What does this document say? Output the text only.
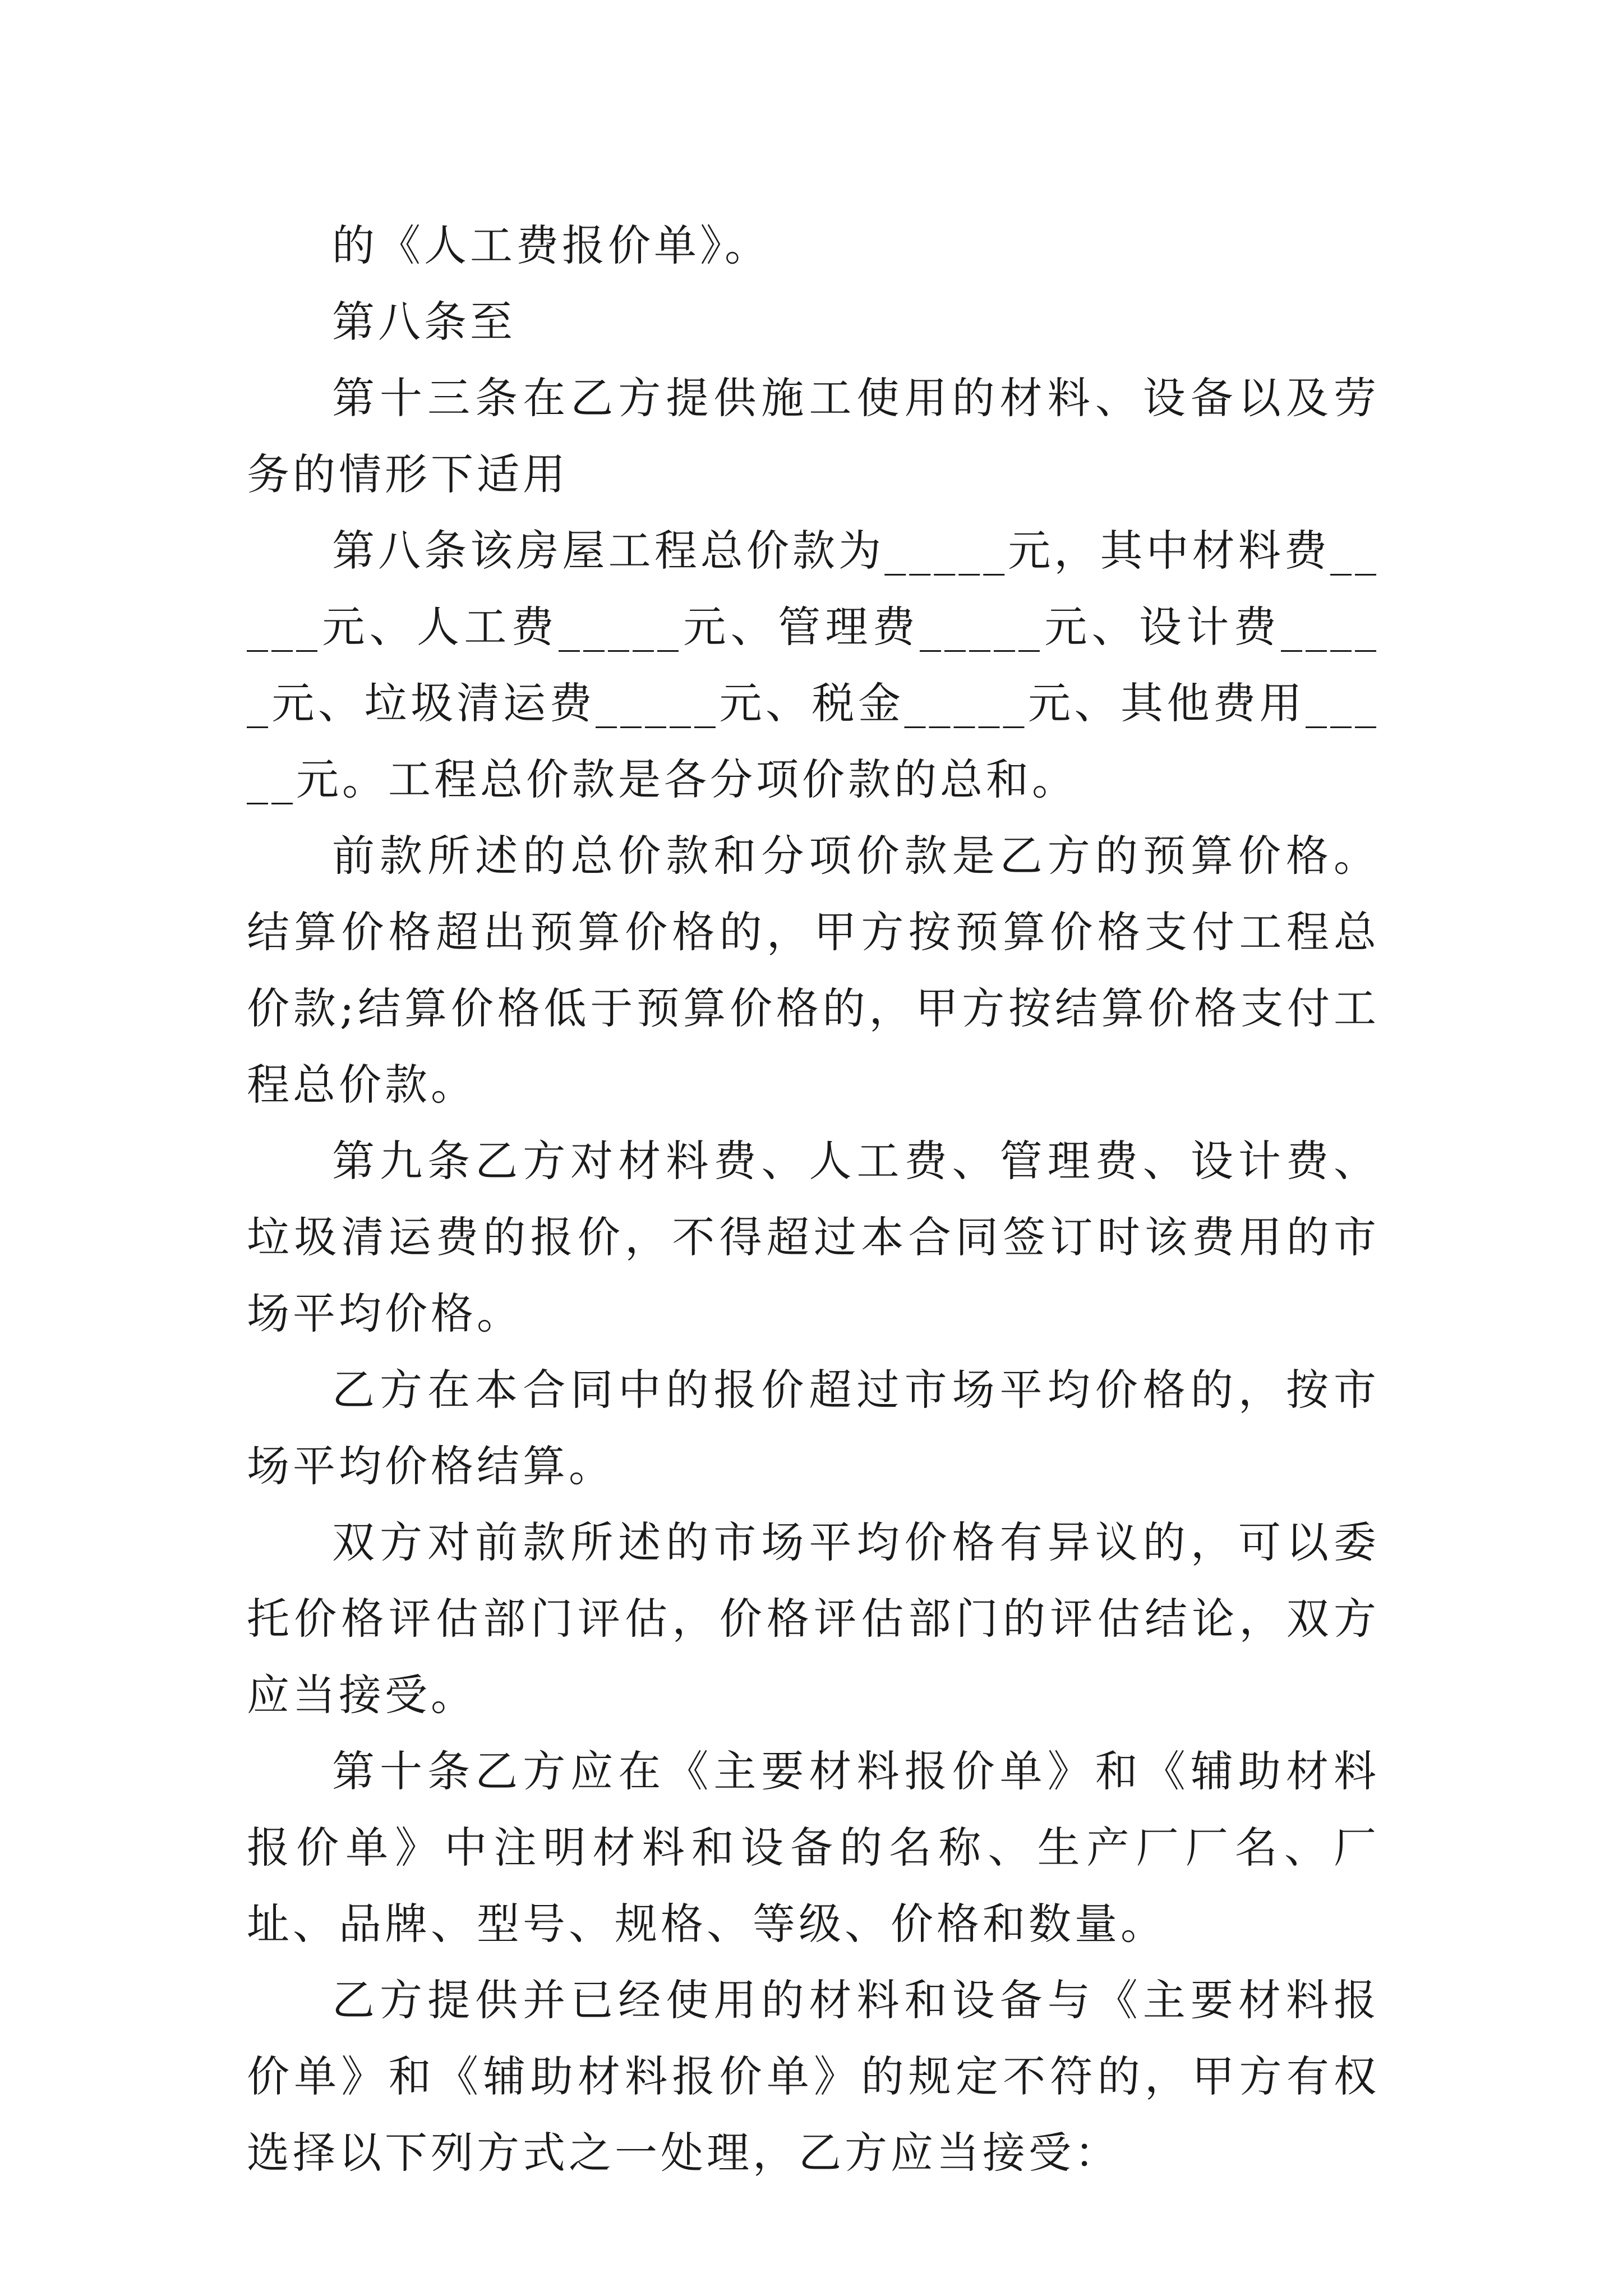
的《人工费报价单》。

第八条至

第十三条在乙方提供施工使用的材料、设备以及劳务的情形下适用

第八条该房屋工程总价款为_____元，其中材料费_____元、人工费_____元、管理费_____元、设计费_____元、垃圾清运费_____元、税金_____元、其他费用_____元。工程总价款是各分项价款的总和。

前款所述的总价款和分项价款是乙方的预算价格。结算价格超出预算价格的，甲方按预算价格支付工程总价款;结算价格低于预算价格的，甲方按结算价格支付工程总价款。

第九条乙方对材料费、人工费、管理费、设计费、垃圾清运费的报价，不得超过本合同签订时该费用的市场平均价格。

乙方在本合同中的报价超过市场平均价格的，按市场平均价格结算。

双方对前款所述的市场平均价格有异议的，可以委托价格评估部门评估，价格评估部门的评估结论，双方应当接受。

第十条乙方应在《主要材料报价单》和《辅助材料报价单》中注明材料和设备的名称、生产厂厂名、厂址、品牌、型号、规格、等级、价格和数量。

乙方提供并已经使用的材料和设备与《主要材料报价单》和《辅助材料报价单》的规定不符的，甲方有权选择以下列方式之一处理，乙方应当接受：
